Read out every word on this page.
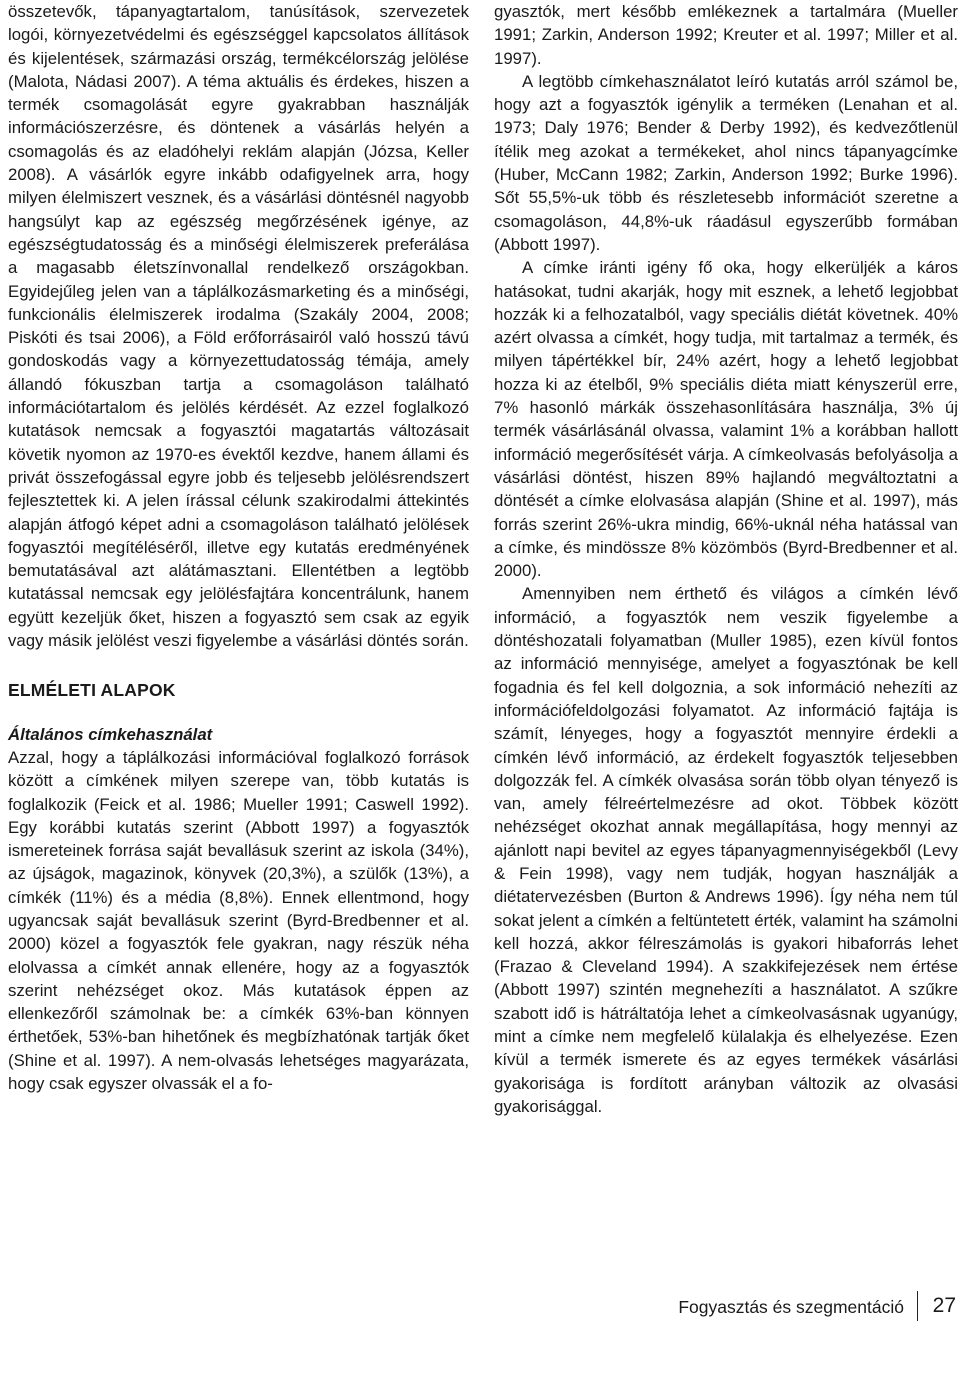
összetevők, tápanyagtartalom, tanúsítások, szervezetek logói, környezetvédelmi és egészséggel kapcsolatos állítások és kijelentések, származási ország, termékcélország jelölése (Malota, Nádasi 2007). A téma aktuális és érdekes, hiszen a termék csomagolását egyre gyakrabban használják információszerzésre, és döntenek a vásárlás helyén a csomagolás és az eladóhelyi reklám alapján (Józsa, Keller 2008). A vásárlók egyre inkább odafigyelnek arra, hogy milyen élelmiszert vesznek, és a vásárlási döntésnél nagyobb hangsúlyt kap az egészség megőrzésének igénye, az egészségtudatosság és a minőségi élelmiszerek preferálása a magasabb életszínvonallal rendelkező országokban. Egyidejűleg jelen van a táplálkozásmarketing és a minőségi, funkcionális élelmiszerek irodalma (Szakály 2004, 2008; Piskóti és tsai 2006), a Föld erőforrásairól való hosszú távú gondoskodás vagy a környezettudatosság témája, amely állandó fókuszban tartja a csomagoláson található információtartalom és jelölés kérdését. Az ezzel foglalkozó kutatások nemcsak a fogyasztói magatartás változásait követik nyomon az 1970-es évektől kezdve, hanem állami és privát összefogással egyre jobb és teljesebb jelölésrendszert fejlesztettek ki. A jelen írással célunk szakirodalmi áttekintés alapján átfogó képet adni a csomagoláson található jelölések fogyasztói megítéléséről, illetve egy kutatás eredményének bemutatásával azt alátámasztani. Ellentétben a legtöbb kutatással nemcsak egy jelölésfajtára koncentrálunk, hanem együtt kezeljük őket, hiszen a fogyasztó sem csak az egyik vagy másik jelölést veszi figyelembe a vásárlási döntés során.

ELMÉLETI ALAPOK
Általános címkehasználat

Azzal, hogy a táplálkozási információval foglalkozó források között a címkének milyen szerepe van, több kutatás is foglalkozik (Feick et al. 1986; Mueller 1991; Caswell 1992). Egy korábbi kutatás szerint (Abbott 1997) a fogyasztók ismereteinek forrása saját bevallásuk szerint az iskola (34%), az újságok, magazinok, könyvek (20,3%), a szülők (13%), a címkék (11%) és a média (8,8%). Ennek ellentmond, hogy ugyancsak saját bevallásuk szerint (Byrd-Bredbenner et al. 2000) közel a fogyasztók fele gyakran, nagy részük néha elolvassa a címkét annak ellenére, hogy az a fogyasztók szerint nehézséget okoz. Más kutatások éppen az ellenkezőről számolnak be: a címkék 63%-ban könnyen érthetőek, 53%-ban hihetőnek és megbízhatónak tartják őket (Shine et al. 1997). A nem-olvasás lehetséges magyarázata, hogy csak egyszer olvassák el a fo-

gyasztók, mert később emlékeznek a tartalmára (Mueller 1991; Zarkin, Anderson 1992; Kreuter et al. 1997; Miller et al. 1997).

A legtöbb címkehasználatot leíró kutatás arról számol be, hogy azt a fogyasztók igénylik a terméken (Lenahan et al. 1973; Daly 1976; Bender & Derby 1992), és kedvezőtlenül ítélik meg azokat a termékeket, ahol nincs tápanyagcímke (Huber, McCann 1982; Zarkin, Anderson 1992; Burke 1996). Sőt 55,5%-uk több és részletesebb információt szeretne a csomagoláson, 44,8%-uk ráadásul egyszerűbb formában (Abbott 1997).

A címke iránti igény fő oka, hogy elkerüljék a káros hatásokat, tudni akarják, hogy mit esznek, a lehető legjobbat hozzák ki a felhozatalból, vagy speciális diétát követnek. 40% azért olvassa a címkét, hogy tudja, mit tartalmaz a termék, és milyen tápértékkel bír, 24% azért, hogy a lehető legjobbat hozza ki az ételből, 9% speciális diéta miatt kényszerül erre, 7% hasonló márkák összehasonlítására használja, 3% új termék vásárlásánál olvassa, valamint 1% a korábban hallott információ megerősítését várja. A címkeolvasás befolyásolja a vásárlási döntést, hiszen 89% hajlandó megváltoztatni a döntését a címke elolvasása alapján (Shine et al. 1997), más forrás szerint 26%-ukra mindig, 66%-uknál néha hatással van a címke, és mindössze 8% közömbös (Byrd-Bredbenner et al. 2000).

Amennyiben nem érthető és világos a címkén lévő információ, a fogyasztók nem veszik figyelembe a döntéshozatali folyamatban (Muller 1985), ezen kívül fontos az információ mennyisége, amelyet a fogyasztónak be kell fogadnia és fel kell dolgoznia, a sok információ nehezíti az információfeldolgozási folyamatot. Az információ fajtája is számít, lényeges, hogy a fogyasztót mennyire érdekli a címkén lévő információ, az érdekelt fogyasztók teljesebben dolgozzák fel. A címkék olvasása során több olyan tényező is van, amely félreértelmezésre ad okot. Többek között nehézséget okozhat annak megállapítása, hogy mennyi az ajánlott napi bevitel az egyes tápanyagmennyiségekből (Levy & Fein 1998), vagy nem tudják, hogyan használják a diétatervezésben (Burton & Andrews 1996). Így néha nem túl sokat jelent a címkén a feltüntetett érték, valamint ha számolni kell hozzá, akkor félreszámolás is gyakori hibaforrás lehet (Frazao & Cleveland 1994). A szakkifejezések nem értése (Abbott 1997) szintén megnehezíti a használatot. A szűkre szabott idő is hátráltatója lehet a címkeolvasásnak ugyanúgy, mint a címke nem megfelelő külalakja és elhelyezése. Ezen kívül a termék ismerete és az egyes termékek vásárlási gyakorisága is fordított arányban változik az olvasási gyakorisággal.

Fogyasztás és szegmentáció 27
